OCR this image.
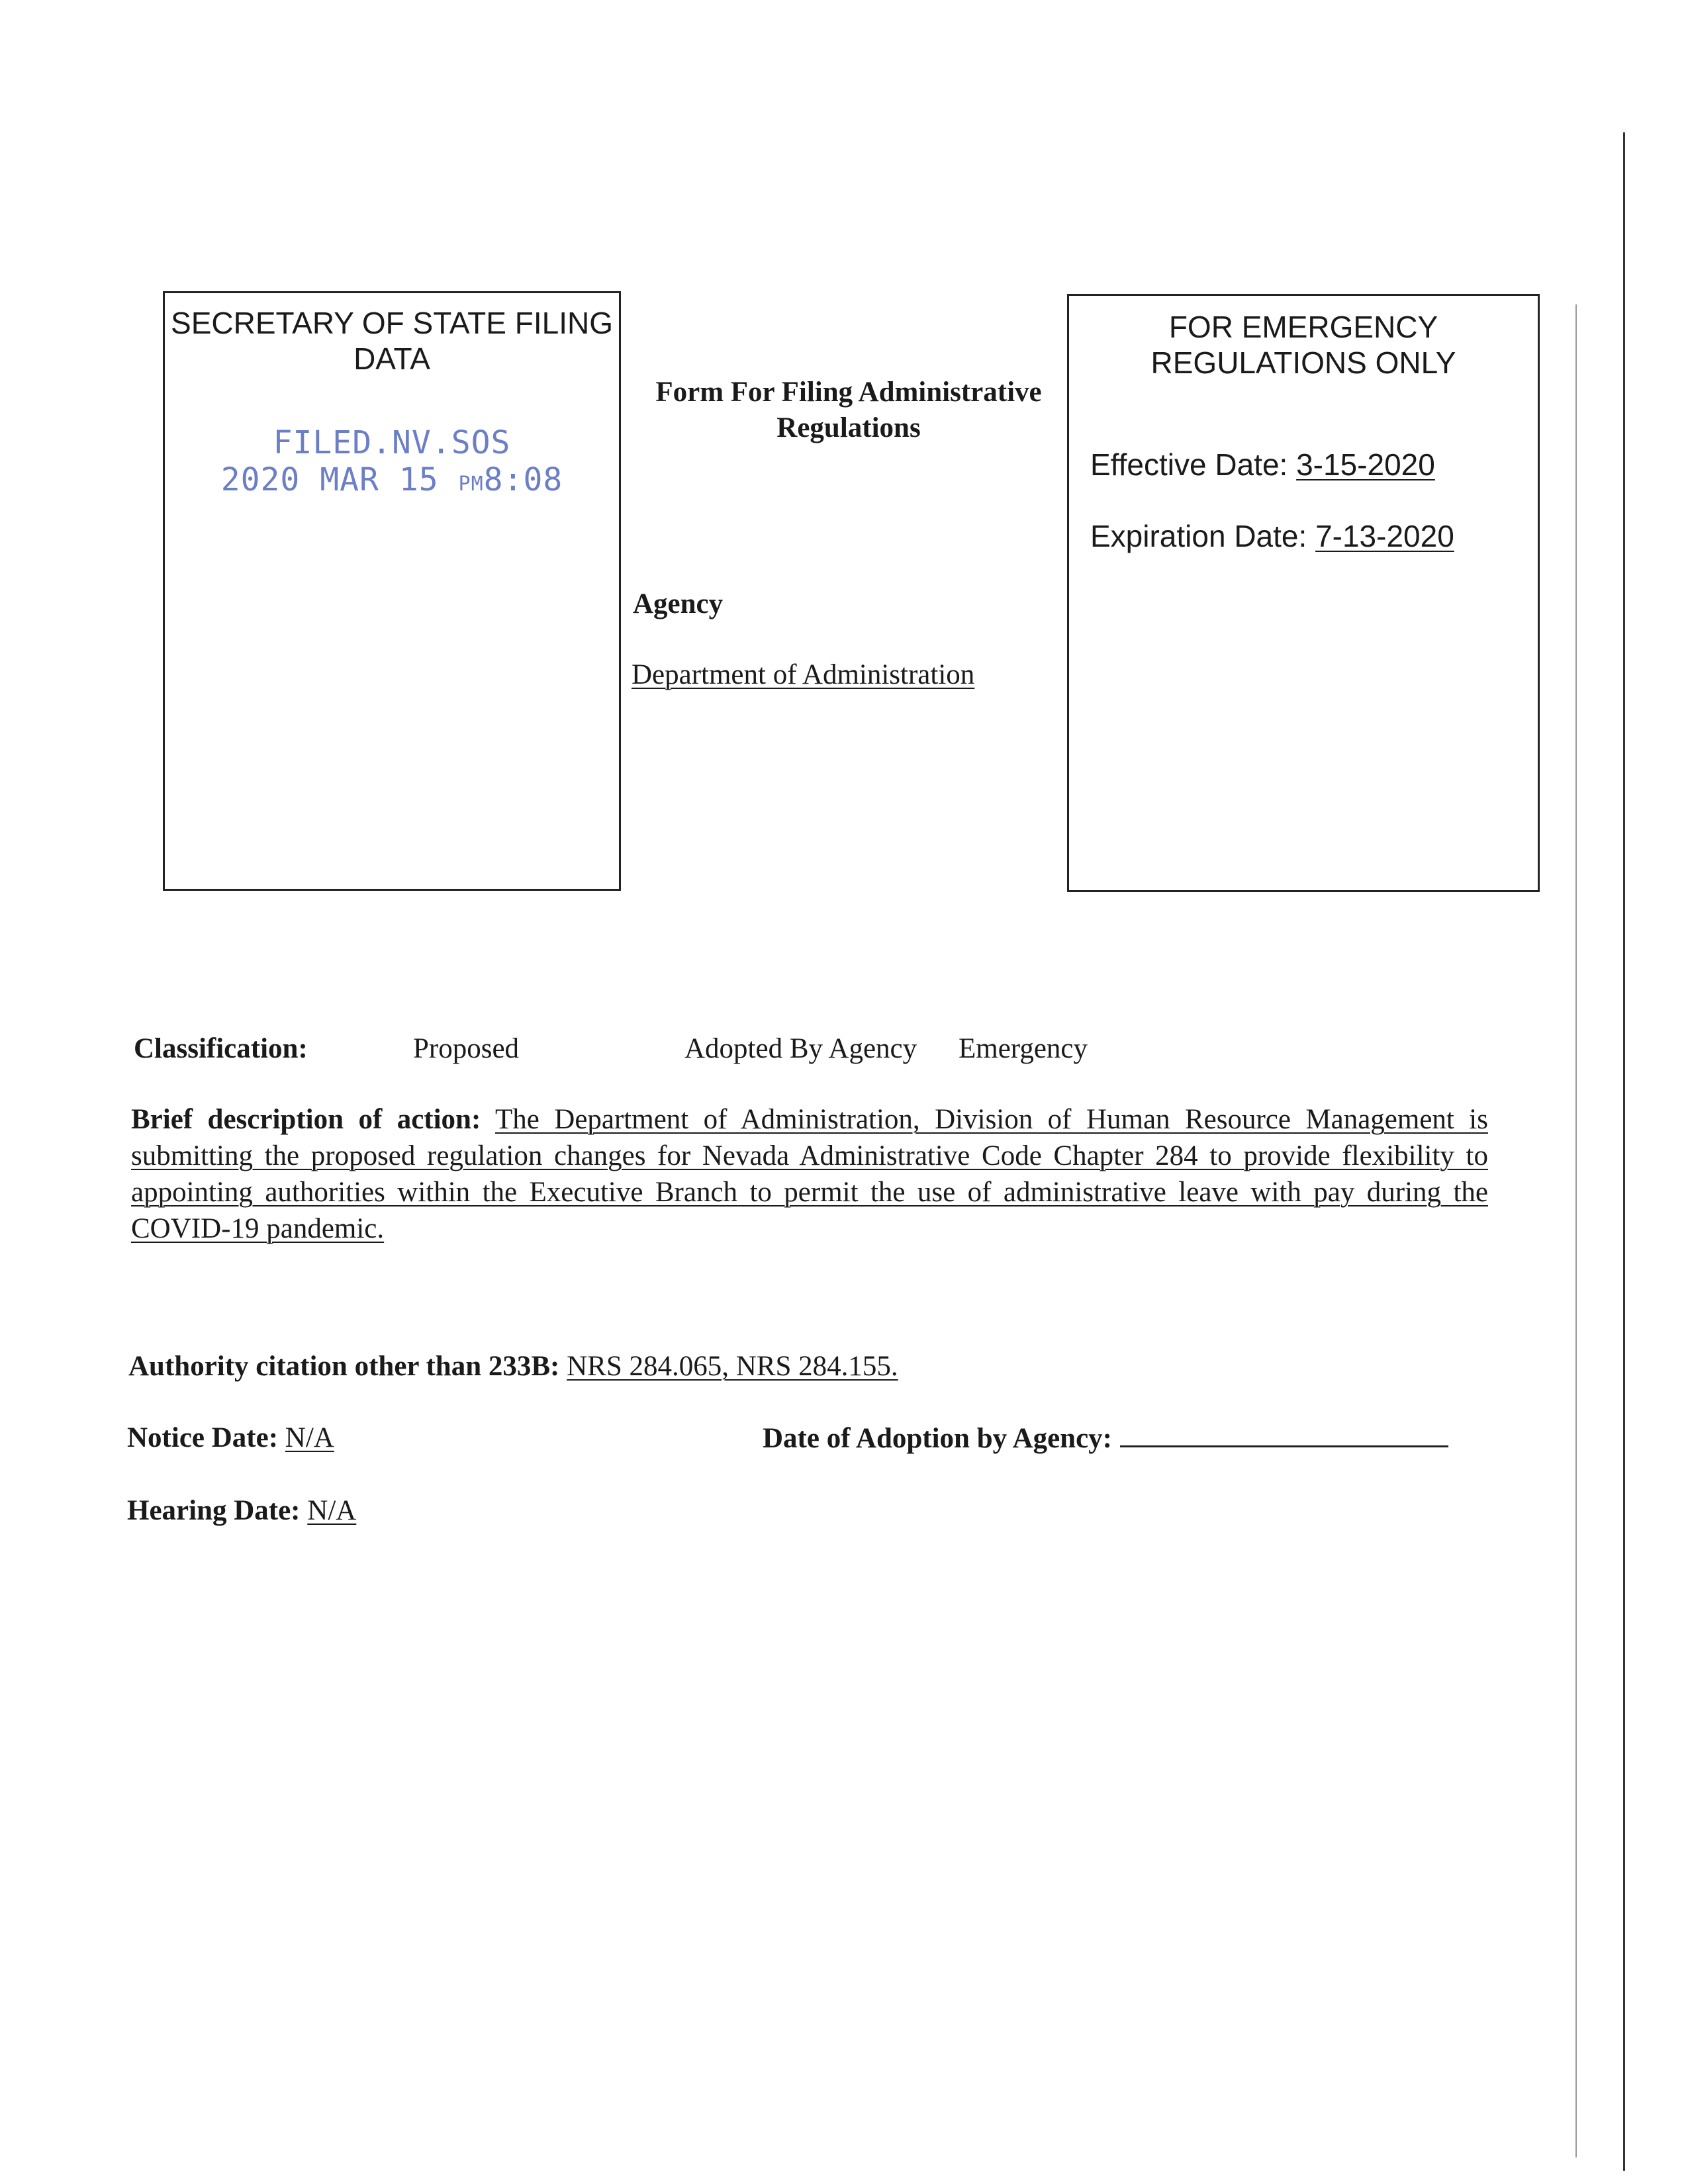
SECRETARY OF STATE FILING DATA
FILED.NV.SOS
2020 MAR 15 PM8:08
Form For Filing Administrative Regulations
Agency
Department of Administration
FOR EMERGENCY REGULATIONS ONLY
Effective Date: 3-15-2020
Expiration Date: 7-13-2020
Classification:	Proposed	Adopted By Agency Emergency
Brief description of action: The Department of Administration, Division of Human Resource Management is submitting the proposed regulation changes for Nevada Administrative Code Chapter 284 to provide flexibility to appointing authorities within the Executive Branch to permit the use of administrative leave with pay during the COVID-19 pandemic.
Authority citation other than 233B: NRS 284.065, NRS 284.155.
Notice Date: N/A	Date of Adoption by Agency:
Hearing Date: N/A
